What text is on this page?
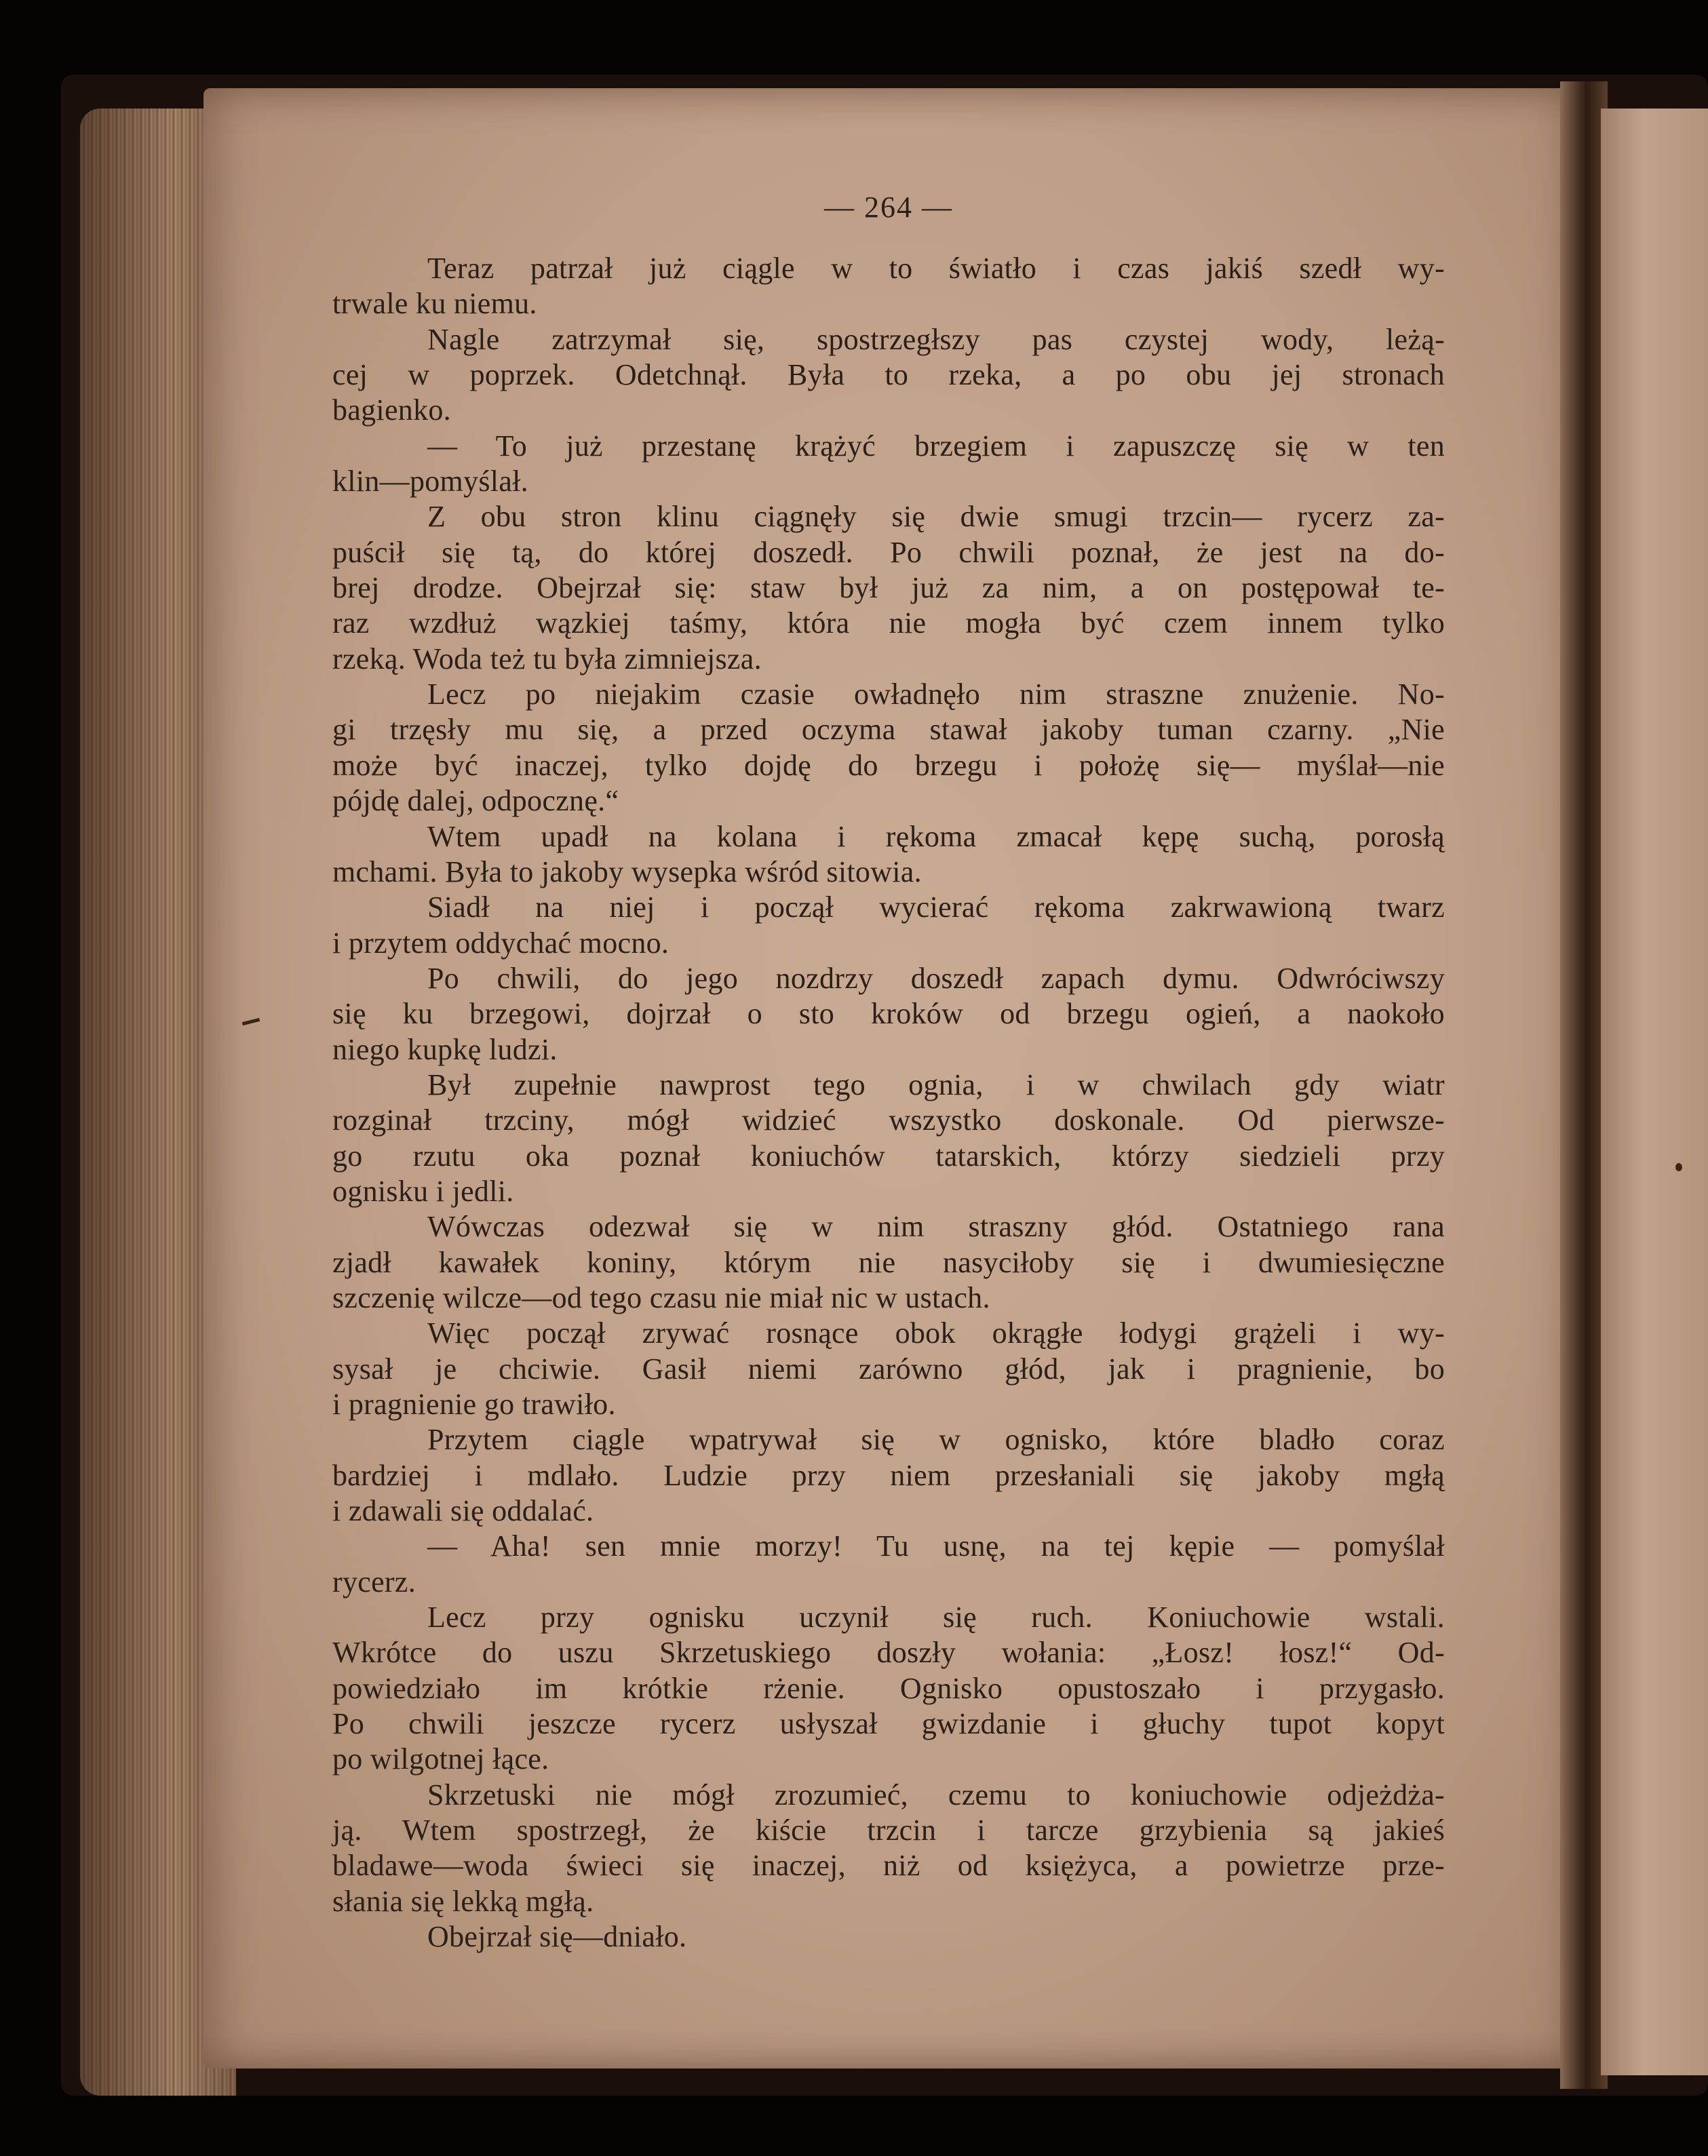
— 264 —
Teraz patrzał już ciągle w to światło i czas jakiś szedł wy-
trwale ku niemu.
Nagle zatrzymał się, spostrzegłszy pas czystej wody, leżą-
cej w poprzek. Odetchnął. Była to rzeka, a po obu jej stronach
bagienko.
— To już przestanę krążyć brzegiem i zapuszczę się w ten
klin—pomyślał.
Z obu stron klinu ciągnęły się dwie smugi trzcin— rycerz za-
puścił się tą, do której doszedł. Po chwili poznał, że jest na do-
brej drodze. Obejrzał się: staw był już za nim, a on postępował te-
raz wzdłuż wązkiej taśmy, która nie mogła być czem innem tylko
rzeką. Woda też tu była zimniejsza.
Lecz po niejakim czasie owładnęło nim straszne znużenie. No-
gi trzęsły mu się, a przed oczyma stawał jakoby tuman czarny. „Nie
może być inaczej, tylko dojdę do brzegu i położę się— myślał—nie
pójdę dalej, odpocznę.“
Wtem upadł na kolana i rękoma zmacał kępę suchą, porosłą
mchami. Była to jakoby wysepka wśród sitowia.
Siadł na niej i począł wycierać rękoma zakrwawioną twarz
i przytem oddychać mocno.
Po chwili, do jego nozdrzy doszedł zapach dymu. Odwróciwszy
się ku brzegowi, dojrzał o sto kroków od brzegu ogień, a naokoło
niego kupkę ludzi.
Był zupełnie nawprost tego ognia, i w chwilach gdy wiatr
rozginał trzciny, mógł widzieć wszystko doskonale. Od pierwsze-
go rzutu oka poznał koniuchów tatarskich, którzy siedzieli przy
ognisku i jedli.
Wówczas odezwał się w nim straszny głód. Ostatniego rana
zjadł kawałek koniny, którym nie nasyciłoby się i dwumiesięczne
szczenię wilcze—od tego czasu nie miał nic w ustach.
Więc począł zrywać rosnące obok okrągłe łodygi grążeli i wy-
sysał je chciwie. Gasił niemi zarówno głód, jak i pragnienie, bo
i pragnienie go trawiło.
Przytem ciągle wpatrywał się w ognisko, które bladło coraz
bardziej i mdlało. Ludzie przy niem przesłaniali się jakoby mgłą
i zdawali się oddalać.
— Aha! sen mnie morzy! Tu usnę, na tej kępie — pomyślał
rycerz.
Lecz przy ognisku uczynił się ruch. Koniuchowie wstali.
Wkrótce do uszu Skrzetuskiego doszły wołania: „Łosz! łosz!“ Od-
powiedziało im krótkie rżenie. Ognisko opustoszało i przygasło.
Po chwili jeszcze rycerz usłyszał gwizdanie i głuchy tupot kopyt
po wilgotnej łące.
Skrzetuski nie mógł zrozumieć, czemu to koniuchowie odjeżdża-
ją. Wtem spostrzegł, że kiście trzcin i tarcze grzybienia są jakieś
bladawe—woda świeci się inaczej, niż od księżyca, a powietrze prze-
słania się lekką mgłą.
Obejrzał się—dniało.
